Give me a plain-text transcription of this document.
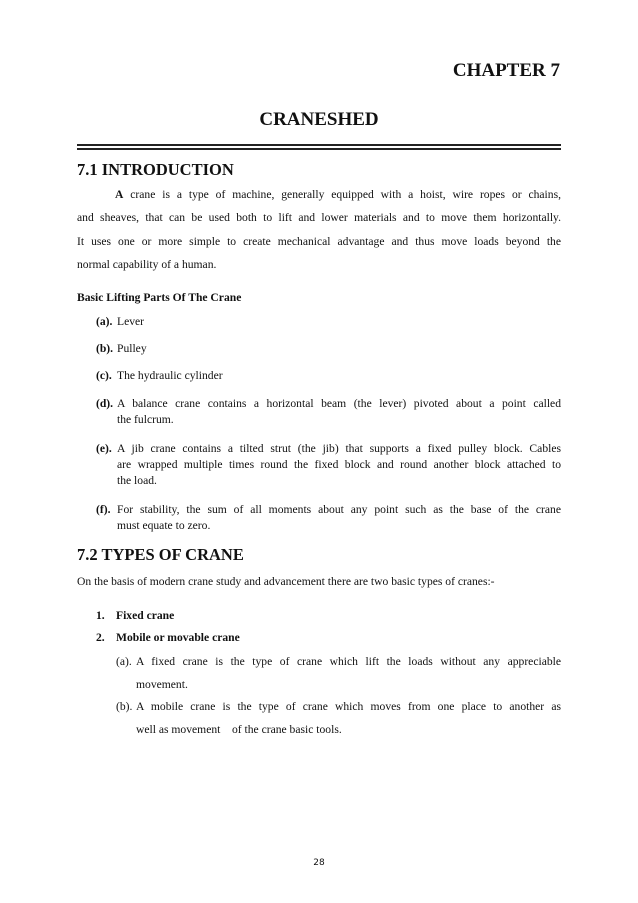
CHAPTER 7
CRANESHED
7.1 INTRODUCTION
A crane is a type of machine, generally equipped with a hoist, wire ropes or chains,
and sheaves, that can be used both to lift and lower materials and to move them horizontally.
It uses one or more simple to create mechanical advantage and thus move loads beyond the
normal capability of a human.
Basic Lifting Parts Of The Crane
(a). Lever
(b). Pulley
(c). The hydraulic cylinder
(d). A balance crane contains a horizontal beam (the lever) pivoted about a point called
the fulcrum.
(e). A jib crane contains a tilted strut (the jib) that supports a fixed pulley block. Cables
are wrapped multiple times round the fixed block and round another block attached to
the load.
(f). For stability, the sum of all moments about any point such as the base of the crane
must equate to zero.
7.2 TYPES OF CRANE
On the basis of modern crane study and advancement there are two basic types of cranes:-
1. Fixed crane
2. Mobile or movable crane
(a). A fixed crane is the type of crane which lift the loads without any appreciable
movement.
(b). A mobile crane is the type of crane which moves from one place to another as
well as movement    of the crane basic tools.
28
